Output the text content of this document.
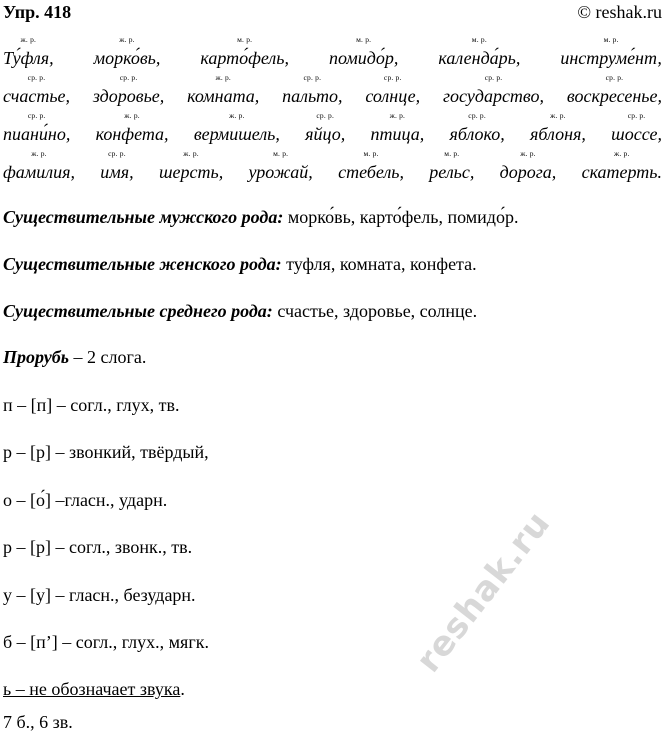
Упр. 418	© reshak.ru
ж. р.
Ту́фля,
ж. р.
морко́вь,
м. р.
карто́фель,
м. р.
помидо́р,
м. р.
календа́рь,
м. р.
инструме́нт,
ср. р.
счастье,
ср. р.
здоровье,
ж. р.
комната,
ср. р.
пальто,
ср. р.
солнце,
ср. р.
государство,
ср. р.
воскресенье,
ср. р.
пиани́но,
ж. р.
конфета,
ж. р.
вермишель,
ср. р.
яйцо,
ж. р.
птица,
ср. р.
яблоко,
ж. р.
яблоня,
ср. р.
шоссе,
ж. р.
фамилия,
ср. р.
имя,
ж. р.
шерсть,
м. р.
урожай,
м. р.
стебель,
м. р.
рельс,
ж. р.
дорога,
ж. р.
скатерть.
Существительные мужского рода: морко́вь, карто́фель, помидо́р.
Существительные женского рода: туфля, комната, конфета.
Существительные среднего рода: счастье, здоровье, солнце.
Прорубь – 2 слога.
п – [п] – согл., глух, тв.
р – [р] – звонкий, твёрдый,
о – [о́] –гласн., ударн.
р – [р] – согл., звонк., тв.
у – [у] – гласн., безударн.
б – [п’] – согл., глух., мягк.
ь – не обозначает звука.
7 б., 6 зв.
reshak.ru
